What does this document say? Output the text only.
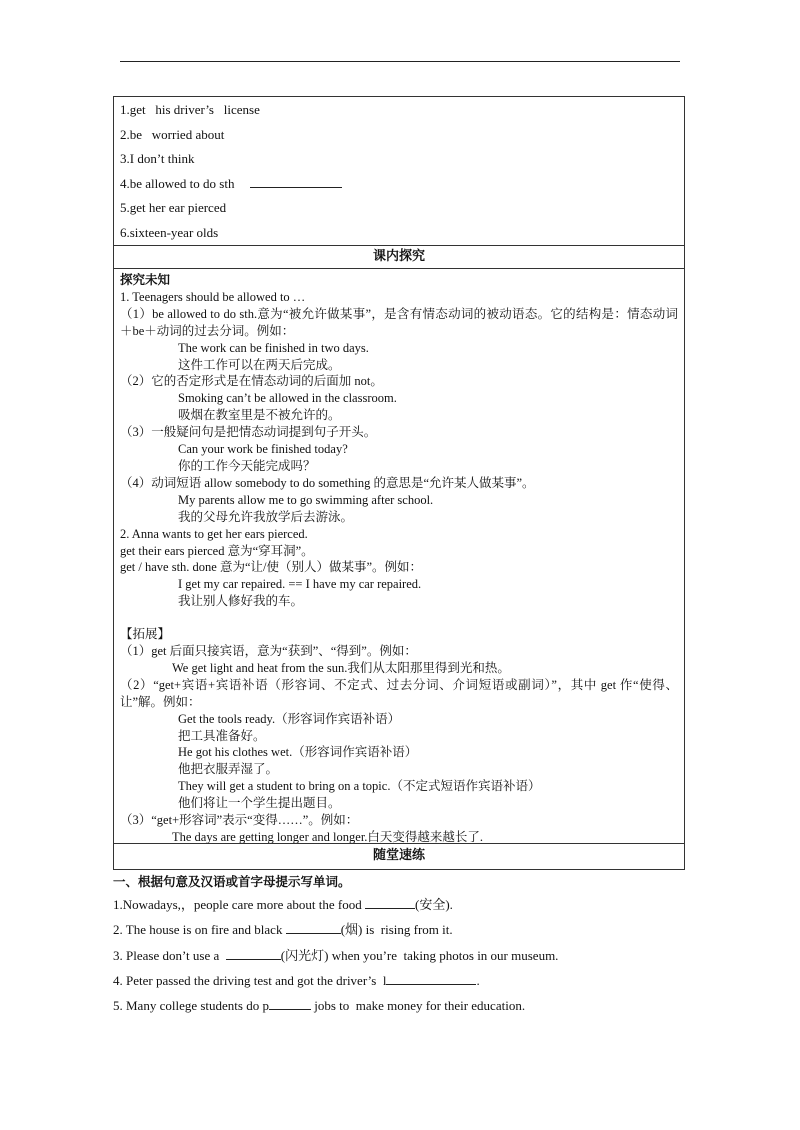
1.get   his driver’s   license
2.be   worried about
3.I don’t think
4.be allowed to do sth
5.get her ear pierced
6.sixteen-year olds
课内探究
探究未知
1. Teenagers should be allowed to …
（1）be allowed to do sth.意为“被允许做某事”，是含有情态动词的被动语态。它的结构是：情态动词＋be＋动词的过去分词。例如：
The work can be finished in two days.
这件工作可以在两天后完成。
（2）它的否定形式是在情态动词的后面加 not。
Smoking can’t be allowed in the classroom.
吸烟在教室里是不被允许的。
（3）一般疑问句是把情态动词提到句子开头。
Can your work be finished today?
你的工作今天能完成吗？
（4）动词短语 allow somebody to do something 的意思是“允许某人做某事”。
My parents allow me to go swimming after school.
我的父母允许我放学后去游泳。
2. Anna wants to get her ears pierced.
get their ears pierced 意为“穿耳洞”。
get / have sth. done 意为“让/使（别人）做某事”。例如：
I get my car repaired. == I have my car repaired.
我让别人修好我的车。
【拓展】
（1）get 后面只接宾语，意为“获到”、“得到”。例如：
We get light and heat from the sun.我们从太阳那里得到光和热。
（2）“get+宾语+宾语补语（形容词、不定式、过去分词、介词短语或副词）”，其中 get 作“使得、让”解。例如：
Get the tools ready.（形容词作宾语补语）
把工具准备好。
He got his clothes wet.（形容词作宾语补语）
他把衣服弄湿了。
They will get a student to bring on a topic.（不定式短语作宾语补语）
他们将让一个学生提出题目。
（3）“get+形容词”表示“变得……”。例如：
The days are getting longer and longer.白天变得越来越长了.
随堂速练
一、根据句意及汉语或首字母提示写单词。
1.Nowadays,，people care more about the food	(安全).
2. The house is on fire and black	(烟) is  rising from it.
3. Please don’t use a	(闪光灯) when you’re  taking photos in our museum.
4. Peter passed the driving test and got the driver’s  l	.
5. Many college students do p	jobs to  make money for their education.
